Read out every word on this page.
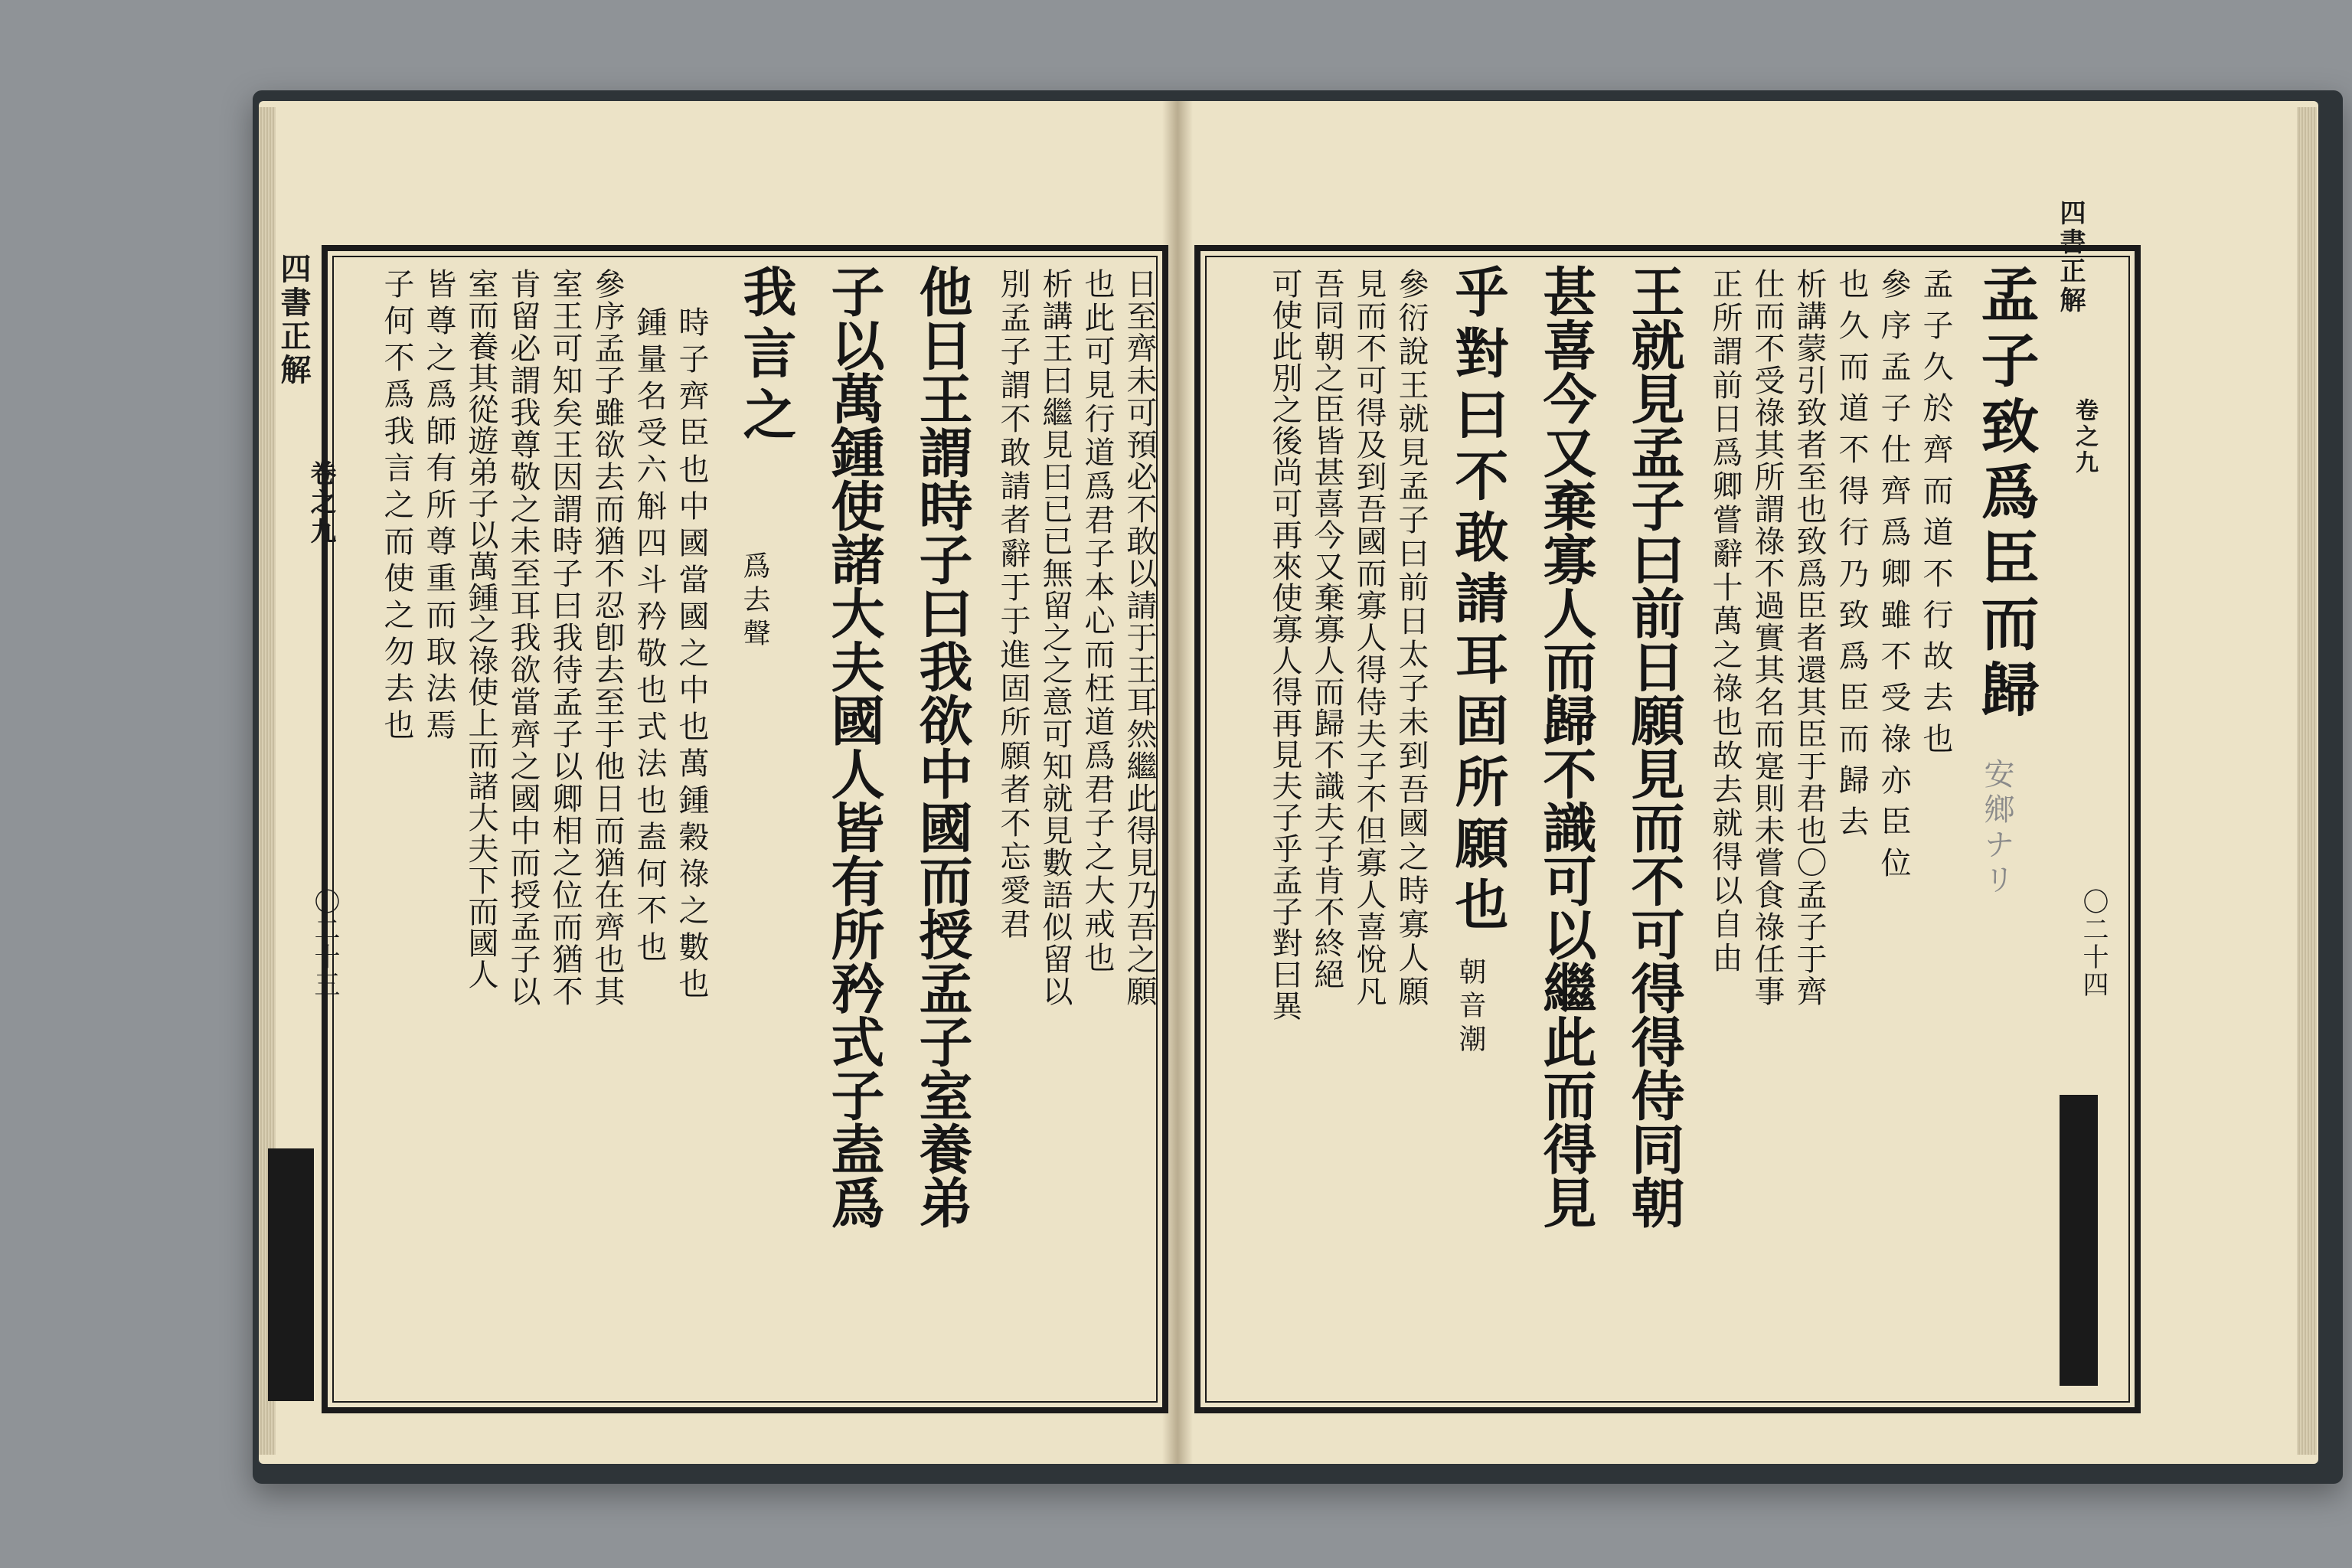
四書正解
卷之九
〇二十五
四書正解
卷之九
〇二十四
孟子致爲臣而歸
孟子久於齊而道不行故去也
參序孟子仕齊爲卿雖不受祿亦臣位
也久而道不得行乃致爲臣而歸去
析講蒙引致者至也致爲臣者還其臣于君也〇孟子于齊
仕而不受祿其所謂祿不過實其名而寔則未嘗食祿任事
正所謂前日爲卿嘗辭十萬之祿也故去就得以自由
王就見孟子曰前日願見而不可得得侍同朝
甚喜今又棄寡人而歸不識可以繼此而得見
乎對曰不敢請耳固所願也
朝音潮
參衍說王就見孟子曰前日太子未到吾國之時寡人願
見而不可得及到吾國而寡人得侍夫子不但寡人喜悅凡
吾同朝之臣皆甚喜今又棄寡人而歸不識夫子肯不終絕
可使此別之後尚可再來使寡人得再見夫子乎孟子對曰異	安鄉ナリ
日至齊未可預必不敢以請于王耳然繼此得見乃吾之願
也此可見行道爲君子本心而枉道爲君子之大戒也
析講王曰繼見曰已已無留之之意可知就見數語似留以
別孟子謂不敢請者辭于于進固所願者不忘愛君
他日王謂時子曰我欲中國而授孟子室養弟
子以萬鍾使諸大夫國人皆有所矜式子盍爲
我言之
爲去聲
時子齊臣也中國當國之中也萬鍾穀祿之數也
鍾量名受六斛四斗矜敬也式法也盍何不也
參序孟子雖欲去而猶不忍卽去至于他日而猶在齊也其
室王可知矣王因謂時子曰我待孟子以卿相之位而猶不
肯留必謂我尊敬之未至耳我欲當齊之國中而授孟子以
室而養其從遊弟子以萬鍾之祿使上而諸大夫下而國人
皆尊之爲師有所尊重而取法焉
子何不爲我言之而使之勿去也
